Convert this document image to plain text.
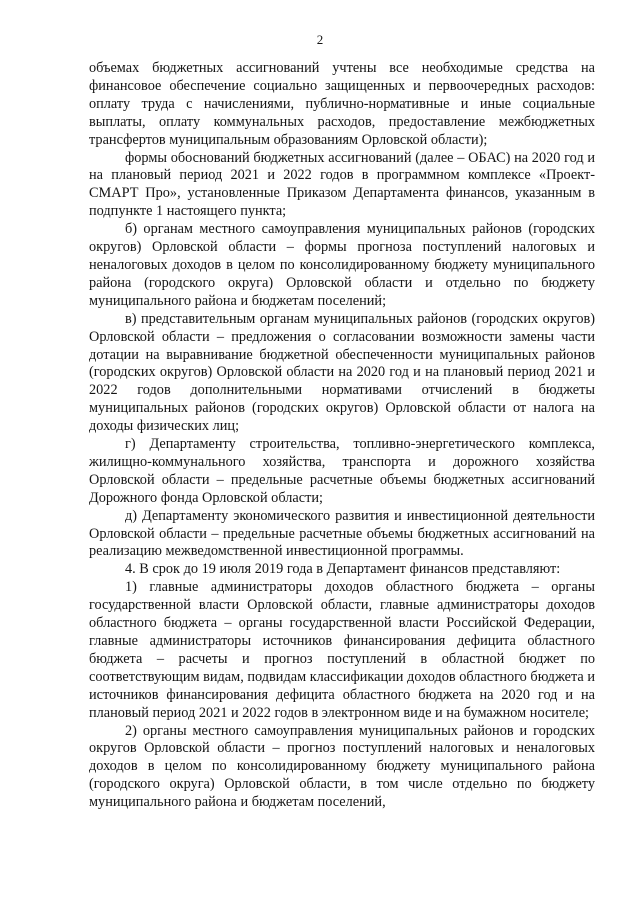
2

объемах бюджетных ассигнований учтены все необходимые средства на финансовое обеспечение социально защищенных и первоочередных расходов: оплату труда с начислениями, публично-нормативные и иные социальные выплаты, оплату коммунальных расходов, предоставление межбюджетных трансфертов муниципальным образованиям Орловской области);

формы обоснований бюджетных ассигнований (далее – ОБАС) на 2020 год и на плановый период 2021 и 2022 годов в программном комплексе «Проект-СМАРТ Про», установленные Приказом Департамента финансов, указанным в подпункте 1 настоящего пункта;

б) органам местного самоуправления муниципальных районов (городских округов) Орловской области – формы прогноза поступлений налоговых и неналоговых доходов в целом по консолидированному бюджету муниципального района (городского округа) Орловской области и отдельно по бюджету муниципального района и бюджетам поселений;

в) представительным органам муниципальных районов (городских округов) Орловской области – предложения о согласовании возможности замены части дотации на выравнивание бюджетной обеспеченности муниципальных районов (городских округов) Орловской области на 2020 год и на плановый период 2021 и 2022 годов дополнительными нормативами отчислений в бюджеты муниципальных районов (городских округов) Орловской области от налога на доходы физических лиц;

г) Департаменту строительства, топливно-энергетического комплекса, жилищно-коммунального хозяйства, транспорта и дорожного хозяйства Орловской области – предельные расчетные объемы бюджетных ассигнований Дорожного фонда Орловской области;

д) Департаменту экономического развития и инвестиционной деятельности Орловской области – предельные расчетные объемы бюджетных ассигнований на реализацию межведомственной инвестиционной программы.

4. В срок до 19 июля 2019 года в Департамент финансов представляют:

1) главные администраторы доходов областного бюджета – органы государственной власти Орловской области, главные администраторы доходов областного бюджета – органы государственной власти Российской Федерации, главные администраторы источников финансирования дефицита областного бюджета – расчеты и прогноз поступлений в областной бюджет по соответствующим видам, подвидам классификации доходов областного бюджета и источников финансирования дефицита областного бюджета на 2020 год и на плановый период 2021 и 2022 годов в электронном виде и на бумажном носителе;

2) органы местного самоуправления муниципальных районов и городских округов Орловской области – прогноз поступлений налоговых и неналоговых доходов в целом по консолидированному бюджету муниципального района (городского округа) Орловской области, в том числе отдельно по бюджету муниципального района и бюджетам поселений,
